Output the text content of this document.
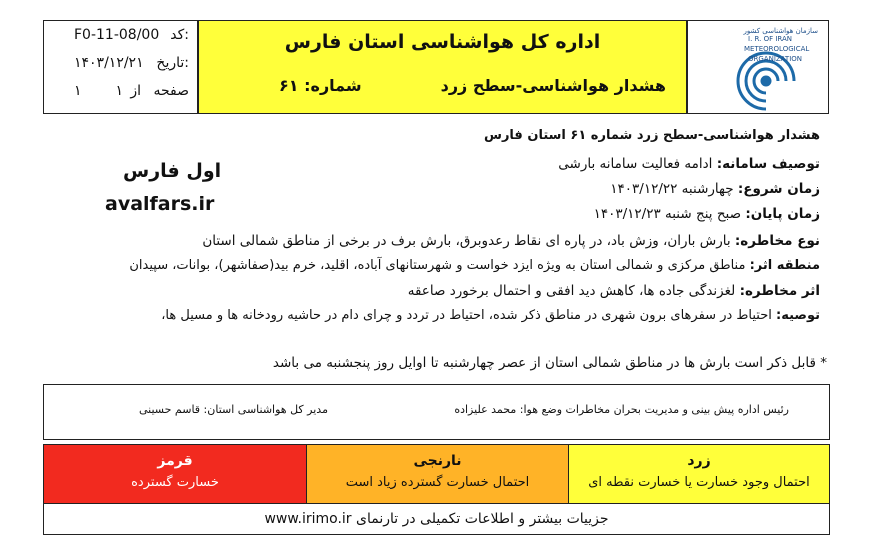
کد:
F0-11-08/00
تاریخ:
۱۴۰۳/۱۲/۲۱
صفحه
۱ از
۱
اداره کل هواشناسی استان فارس
هشدار هواشناسی-سطح زرد
شماره: ۶۱
سازمان هواشناسی کشور
I. R. OF IRAN
METEOROLOGICAL
ORGANIZATION
اول فارس
avalfars.ir
هشدار هواشناسی-سطح زرد شماره ۶۱ استان فارس
توصیف سامانه: ادامه فعالیت سامانه بارشی
زمان شروع: چهارشنبه ۱۴۰۳/۱۲/۲۲
زمان پایان: صبح پنج شنبه ۱۴۰۳/۱۲/۲۳
نوع مخاطره: بارش باران، وزش باد، در پاره ای نقاط رعدوبرق، بارش برف در برخی از مناطق شمالی استان
منطقه اثر: مناطق مرکزی و شمالی استان به ویژه ایزد خواست و شهرستانهای آباده، اقلید، خرم بید(صفاشهر)، بوانات، سپیدان
اثر مخاطره: لغزندگی جاده ها، کاهش دید افقی و احتمال برخورد صاعقه
توصیه: احتیاط در سفرهای برون شهری در مناطق ذکر شده، احتیاط در تردد و چرای دام در حاشیه رودخانه ها و مسیل ها،
* قابل ذکر است بارش ها در مناطق شمالی استان از عصر چهارشنبه تا اوایل روز پنجشنبه می باشد
رئیس اداره پیش بینی و مدیریت بحران مخاطرات وضع هوا: محمد علیزاده
مدیر کل هواشناسی استان: قاسم حسینی
زرد
احتمال وجود خسارت یا خسارت نقطه ای
نارنجی
احتمال خسارت گسترده زیاد است
قرمز
خسارت گسترده
جزییات بیشتر و اطلاعات تکمیلی در تارنمای www.irimo.ir
